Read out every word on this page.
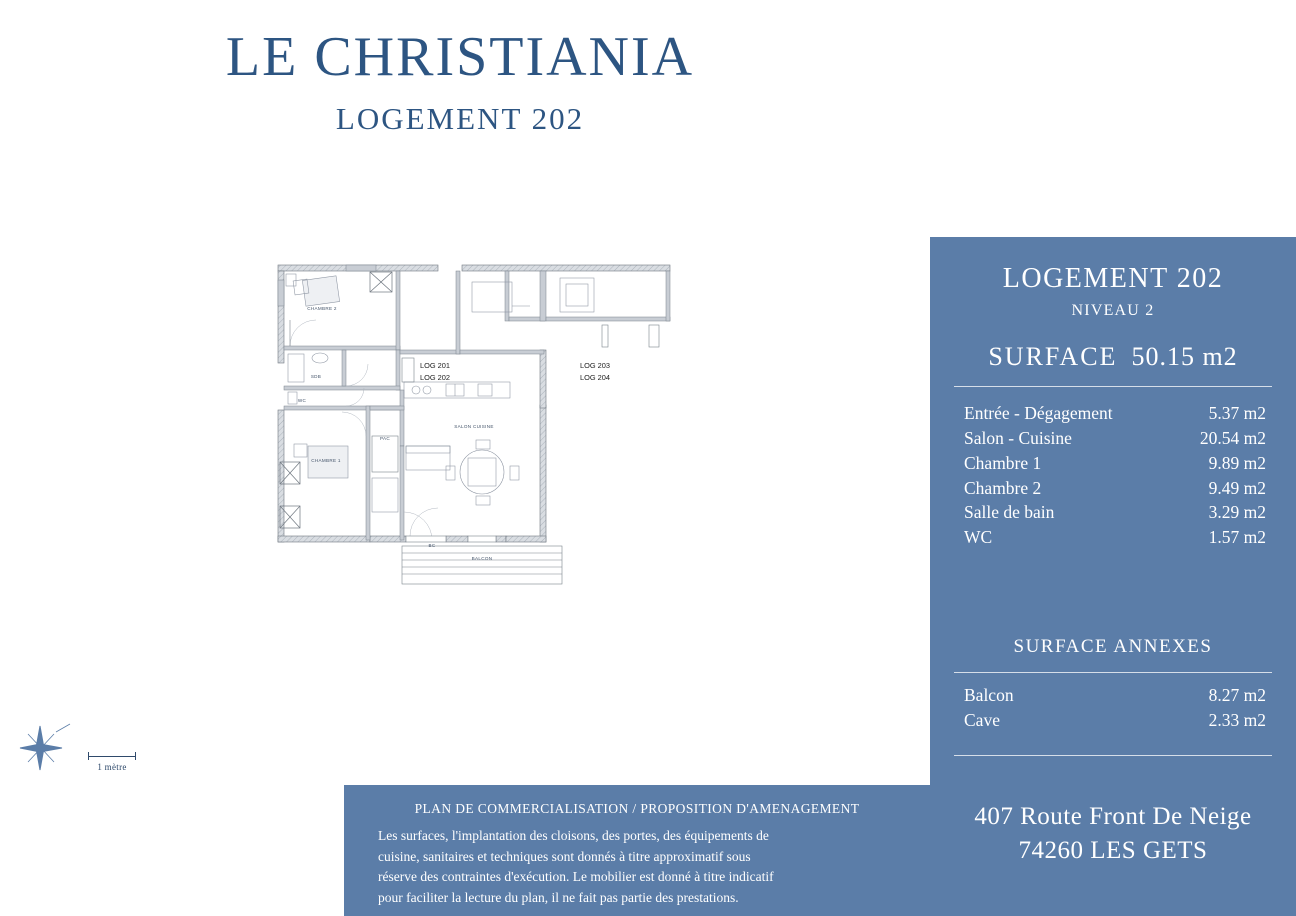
LE CHRISTIANIA
LOGEMENT 202
CHAMBRE 2
SDB
WC
CHAMBRE 1
PAC
SALON CUISINE
BALCON
BC
LOG 201
LOG 202
LOG 203
LOG 204
1 mètre
LOGEMENT 202
NIVEAU 2
SURFACE 50.15 m2
Entrée - Dégagement	5.37 m2
Salon - Cuisine	20.54 m2
Chambre 1	9.89 m2
Chambre 2	9.49 m2
Salle de bain	3.29 m2
WC	1.57 m2
SURFACE ANNEXES
Balcon	8.27 m2
Cave	2.33 m2
PLAN DE COMMERCIALISATION / PROPOSITION D'AMENAGEMENT
Les surfaces, l'implantation des cloisons, des portes, des équipements de
cuisine, sanitaires et techniques sont donnés à titre approximatif sous
réserve des contraintes d'exécution. Le mobilier est donné à titre indicatif
pour faciliter la lecture du plan, il ne fait pas partie des prestations.
407 Route Front De Neige
74260 LES GETS
